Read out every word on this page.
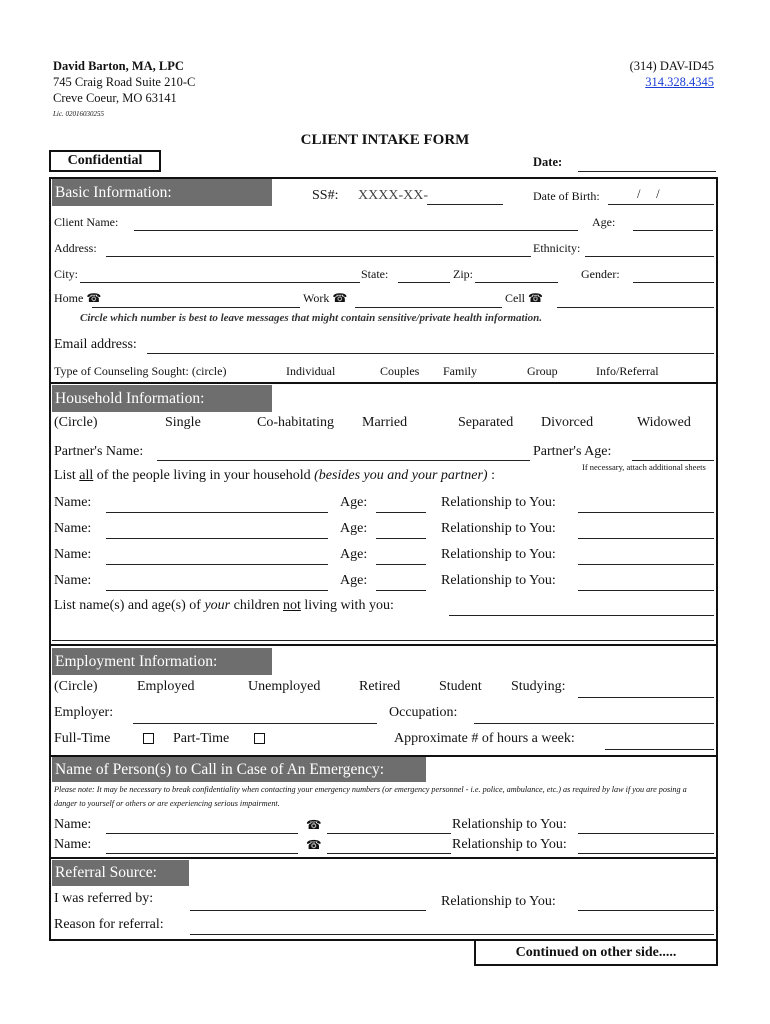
David Barton, MA, LPC
745 Craig Road Suite 210-C
Creve Coeur, MO 63141
Lic. 02016030255
(314) DAV-ID45
314.328.4345
CLIENT INTAKE FORM
Confidential	Date:
Basic Information:	SS#: XXXX-XX-	Date of Birth:	/     /
Client Name:	Age:
Address:	Ethnicity:
City:	State:	Zip:	Gender:
Home ☎	Work ☎	Cell ☎
Circle which number is best to leave messages that might contain sensitive/private health information.
Email address:
Type of Counseling Sought: (circle)	Individual	Couples Family	Group	Info/Referral
Household Information:
(Circle)	Single	Co-habitating Married	Separated Divorced	Widowed
Partner's Name:	Partner's Age:
List all of the people living in your household (besides you and your partner) :
If necessary, attach additional sheets
Name:	Age:	Relationship to You:
Name:	Age:	Relationship to You:
Name:	Age:	Relationship to You:
Name:	Age:	Relationship to You:
List name(s) and age(s) of your children not living with you:
Employment Information:
(Circle)	Employed	Unemployed	Retired	Student Studying:
Employer:	Occupation:
Full-Time	Part-Time	Approximate # of hours a week:
Name of Person(s) to Call in Case of An Emergency:
Please note: It may be necessary to break confidentiality when contacting your emergency numbers (or emergency personnel - i.e. police, ambulance, etc.) as required by law if you are posing a danger to yourself or others or are experiencing serious impairment.
Name:	☎	Relationship to You:
Name:	☎	Relationship to You:
Referral Source:
I was referred by:	Relationship to You:
Reason for referral:
Continued on other side.....
